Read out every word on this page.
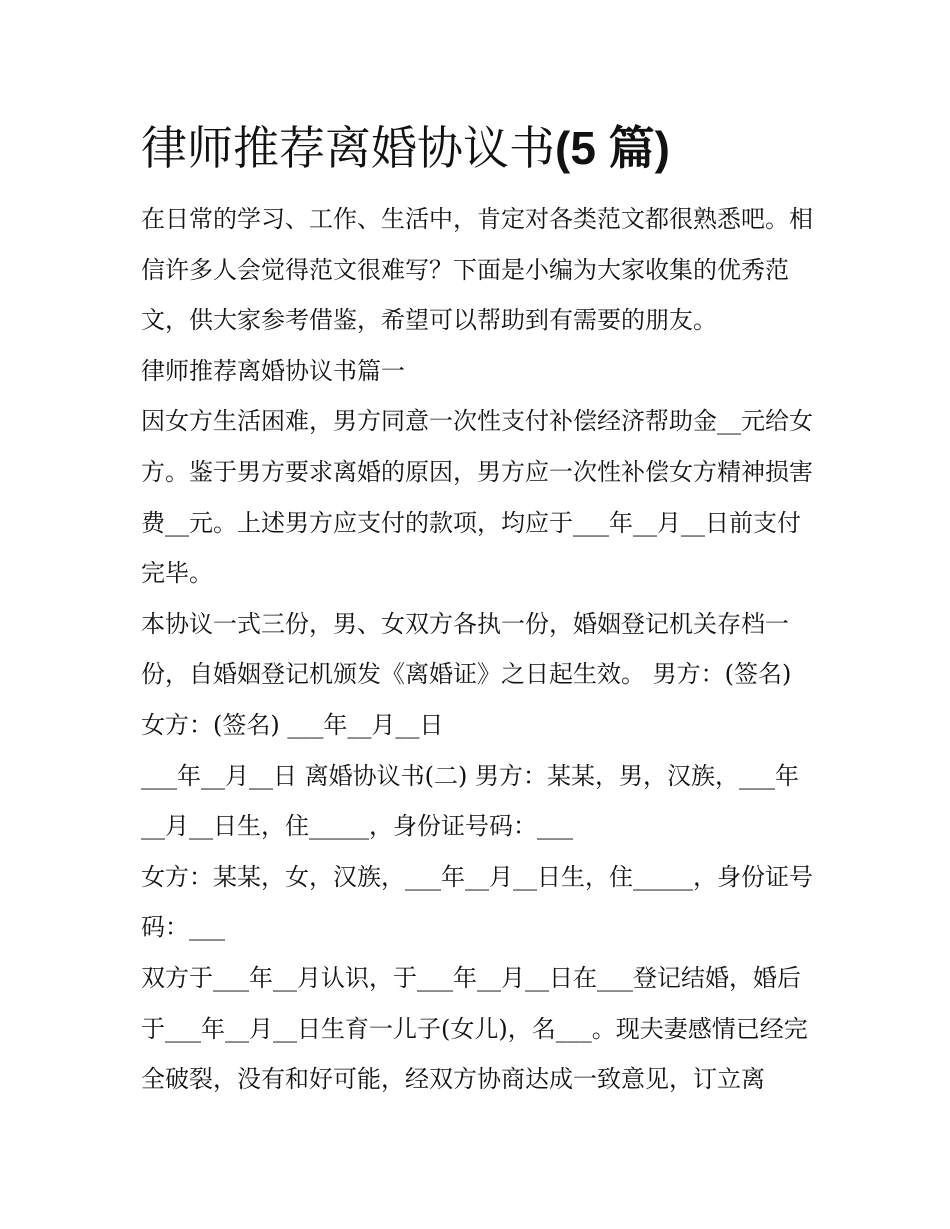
律师推荐离婚协议书(5 篇)

在日常的学习、工作、生活中，肯定对各类范文都很熟悉吧。相信许多人会觉得范文很难写？下面是小编为大家收集的优秀范文，供大家参考借鉴，希望可以帮助到有需要的朋友。

律师推荐离婚协议书篇一

因女方生活困难，男方同意一次性支付补偿经济帮助金__元给女方。鉴于男方要求离婚的原因，男方应一次性补偿女方精神损害费__元。上述男方应支付的款项，均应于___年__月__日前支付完毕。

本协议一式三份，男、女双方各执一份，婚姻登记机关存档一份，自婚姻登记机颁发《离婚证》之日起生效。 男方：(签名) 女方：(签名) ___年__月__日

___年__月__日 离婚协议书(二) 男方：某某，男，汉族，___年__月__日生，住_____，身份证号码：___

女方：某某，女，汉族，___年__月__日生，住_____，身份证号码：___

双方于___年__月认识，于___年__月__日在___登记结婚，婚后于___年__月__日生育一儿子(女儿)，名___。现夫妻感情已经完全破裂，没有和好可能，经双方协商达成一致意见，订立离
